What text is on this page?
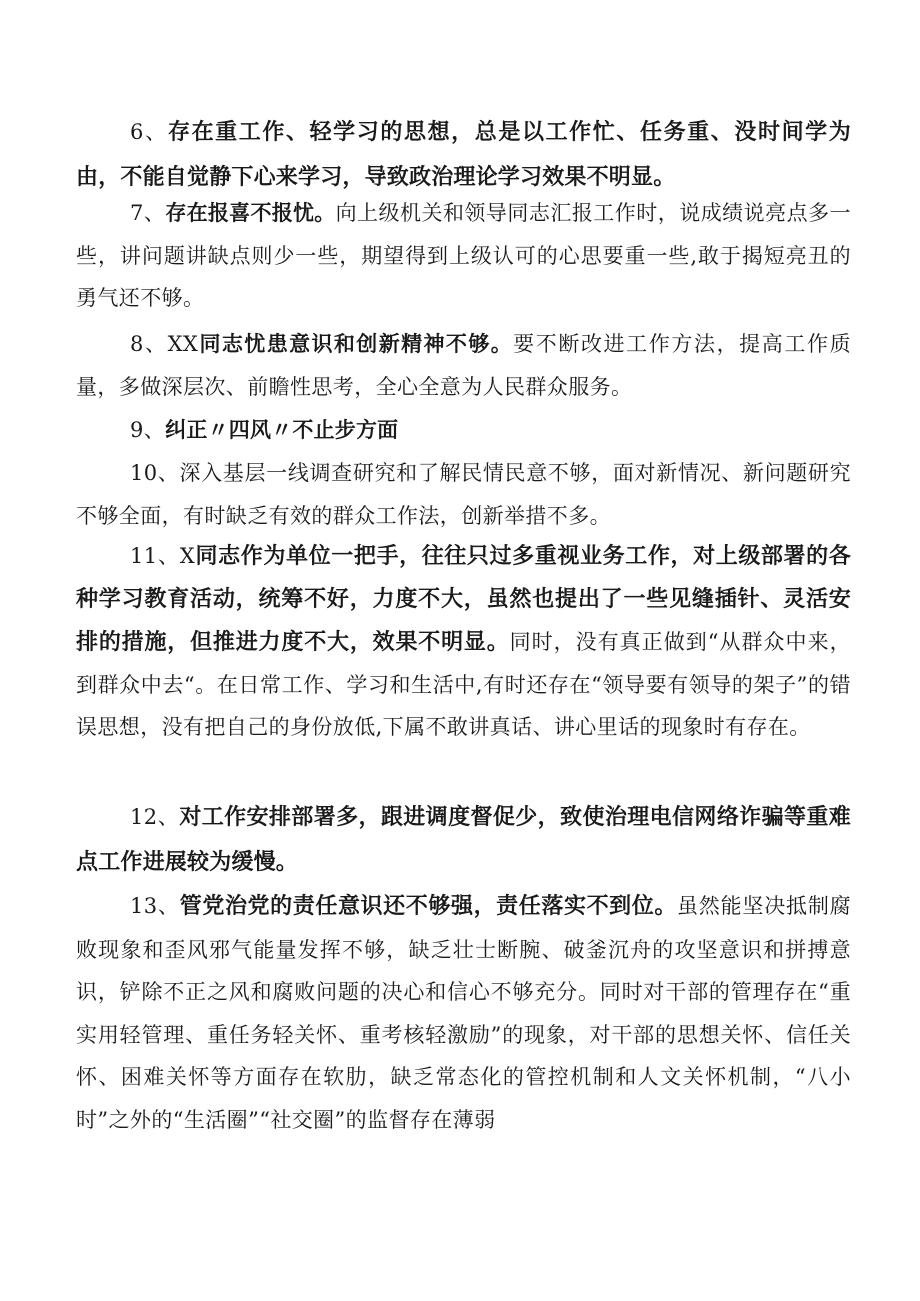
6、存在重工作、轻学习的思想，总是以工作忙、任务重、没时间学为由，不能自觉静下心来学习，导致政治理论学习效果不明显。

7、存在报喜不报忧。向上级机关和领导同志汇报工作时，说成绩说亮点多一些，讲问题讲缺点则少一些，期望得到上级认可的心思要重一些,敢于揭短亮丑的勇气还不够。

8、XX同志忧患意识和创新精神不够。要不断改进工作方法，提高工作质量，多做深层次、前瞻性思考，全心全意为人民群众服务。

9、纠正〃四风〃不止步方面

10、深入基层一线调查研究和了解民情民意不够，面对新情况、新问题研究不够全面，有时缺乏有效的群众工作法，创新举措不多。

11、X同志作为单位一把手，往往只过多重视业务工作，对上级部署的各种学习教育活动，统筹不好，力度不大，虽然也提出了一些见缝插针、灵活安排的措施，但推进力度不大，效果不明显。同时，没有真正做到“从群众中来，到群众中去“。在日常工作、学习和生活中,有时还存在“领导要有领导的架子”的错误思想，没有把自己的身份放低,下属不敢讲真话、讲心里话的现象时有存在。

12、对工作安排部署多，跟进调度督促少，致使治理电信网络诈骗等重难点工作进展较为缓慢。

13、管党治党的责任意识还不够强，责任落实不到位。虽然能坚决抵制腐败现象和歪风邪气能量发挥不够，缺乏壮士断腕、破釜沉舟的攻坚意识和拼搏意识，铲除不正之风和腐败问题的决心和信心不够充分。同时对干部的管理存在“重实用轻管理、重任务轻关怀、重考核轻激励”的现象，对干部的思想关怀、信任关怀、困难关怀等方面存在软肋，缺乏常态化的管控机制和人文关怀机制，“八小时”之外的“生活圈”“社交圈”的监督存在薄弱
